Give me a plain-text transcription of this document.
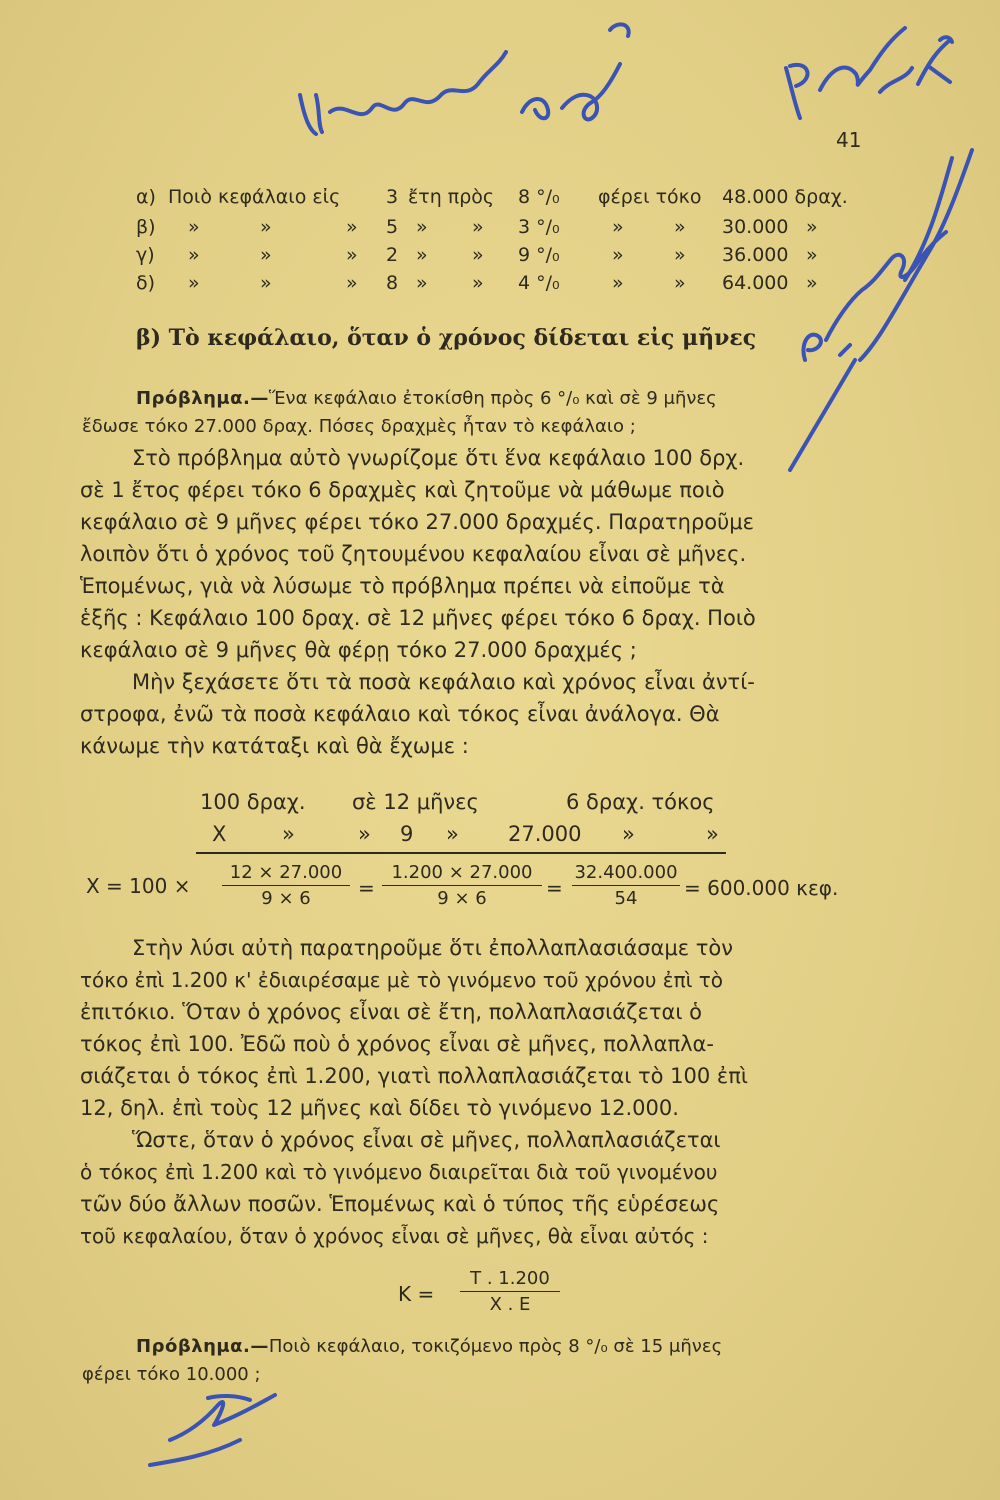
41
α) Ποιὸ κεφάλαιο εἰς 3 ἔτη πρὸς 8 °/₀ φέρει τόκο 48.000 δραχ.
β) »	»	» 5 » » 3 °/₀	»	» 30.000 »
γ) »	»	» 2 » » 9 °/₀	»	» 36.000 »
δ) »	»	» 8 » » 4 °/₀	»	» 64.000 »
β) Τὸ κεφάλαιο, ὅταν ὁ χρόνος δίδεται εἰς μῆνες
Πρόβλημα.—Ἕνα κεφάλαιο ἐτοκίσθη πρὸς 6 °/₀ καὶ σὲ 9 μῆνες
ἔδωσε τόκο 27.000 δραχ. Πόσες δραχμὲς ἦταν τὸ κεφάλαιο ;
Στὸ πρόβλημα αὐτὸ γνωρίζομε ὅτι ἕνα κεφάλαιο 100 δρχ.
σὲ 1 ἔτος φέρει τόκο 6 δραχμὲς καὶ ζητοῦμε νὰ μάθωμε ποιὸ
κεφάλαιο σὲ 9 μῆνες φέρει τόκο 27.000 δραχμές. Παρατηροῦμε
λοιπὸν ὅτι ὁ χρόνος τοῦ ζητουμένου κεφαλαίου εἶναι σὲ μῆνες.
Ἑπομένως, γιὰ νὰ λύσωμε τὸ πρόβλημα πρέπει νὰ εἰποῦμε τὰ
ἑξῆς : Κεφάλαιο 100 δραχ. σὲ 12 μῆνες φέρει τόκο 6 δραχ. Ποιὸ
κεφάλαιο σὲ 9 μῆνες θὰ φέρῃ τόκο 27.000 δραχμές ;
Μὴν ξεχάσετε ὅτι τὰ ποσὰ κεφάλαιο καὶ χρόνος εἶναι ἀντί-
στροφα, ἐνῶ τὰ ποσὰ κεφάλαιο καὶ τόκος εἶναι ἀνάλογα. Θὰ
κάνωμε τὴν κατάταξι καὶ θὰ ἔχωμε :
100 δραχ. σὲ 12 μῆνες	6 δραχ. τόκος
Χ	»	» 9 » 27.000 »	»
$X = 100 \times \frac{12 \times 27.000}{9 \times 6} = \frac{1.200 \times 27.000}{9 \times 6} = \frac{32.400.000}{54} = 600.000$ κεφ.
Στὴν λύσι αὐτὴ παρατηροῦμε ὅτι ἐπολλαπλασιάσαμε τὸν
τόκο ἐπὶ 1.200 κ' ἐδιαιρέσαμε μὲ τὸ γινόμενο τοῦ χρόνου ἐπὶ τὸ
ἐπιτόκιο. Ὅταν ὁ χρόνος εἶναι σὲ ἔτη, πολλαπλασιάζεται ὁ
τόκος ἐπὶ 100. Ἐδῶ ποὺ ὁ χρόνος εἶναι σὲ μῆνες, πολλαπλα-
σιάζεται ὁ τόκος ἐπὶ 1.200, γιατὶ πολλαπλασιάζεται τὸ 100 ἐπὶ
12, δηλ. ἐπὶ τοὺς 12 μῆνες καὶ δίδει τὸ γινόμενο 12.000.
Ὥστε, ὅταν ὁ χρόνος εἶναι σὲ μῆνες, πολλαπλασιάζεται
ὁ τόκος ἐπὶ 1.200 καὶ τὸ γινόμενο διαιρεῖται διὰ τοῦ γινομένου
τῶν δύο ἄλλων ποσῶν. Ἑπομένως καὶ ὁ τύπος τῆς εὑρέσεως
τοῦ κεφαλαίου, ὅταν ὁ χρόνος εἶναι σὲ μῆνες, θὰ εἶναι αὐτός :
$K = \frac{T . 1.200}{X . E}$
Πρόβλημα.—Ποιὸ κεφάλαιο, τοκιζόμενο πρὸς 8 °/₀ σὲ 15 μῆνες
φέρει τόκο 10.000 ;
